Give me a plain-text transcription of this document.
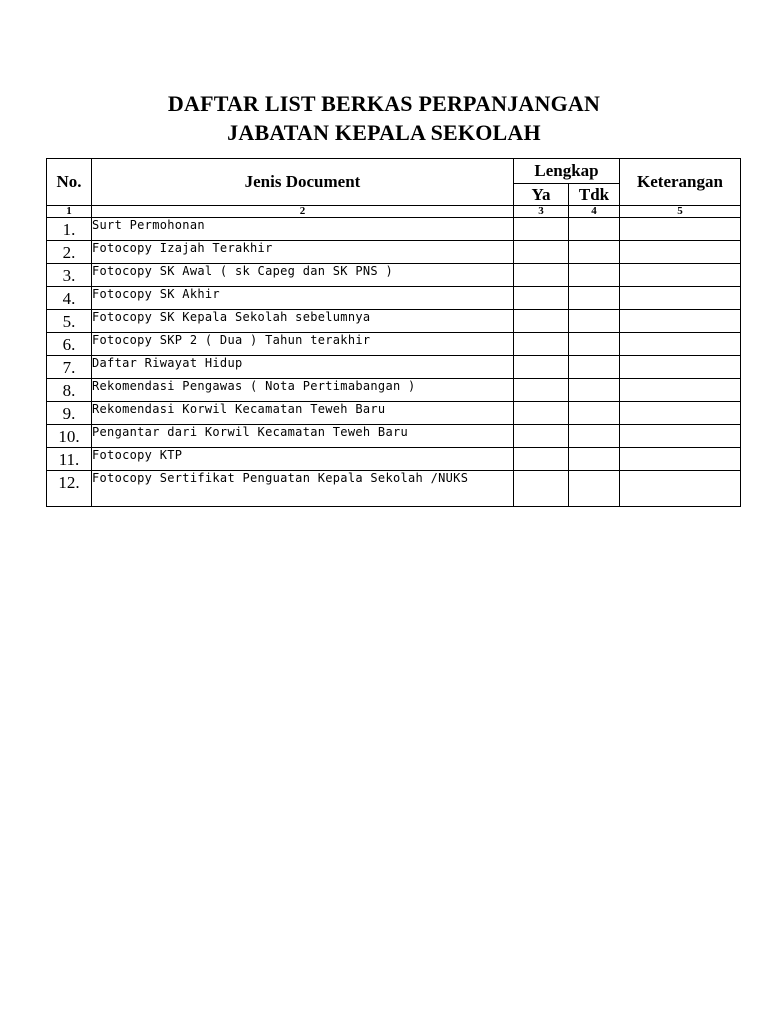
DAFTAR LIST BERKAS PERPANJANGAN
JABATAN KEPALA SEKOLAH
No.	Jenis Document	Lengkap		Keterangan
		Ya	Tdk	
1	2	3	4	5
1.	Surt Permohonan			
2.	Fotocopy Izajah Terakhir			
3.	Fotocopy SK Awal ( sk Capeg dan SK PNS )			
4.	Fotocopy SK Akhir			
5.	Fotocopy SK Kepala Sekolah sebelumnya			
6.	Fotocopy SKP 2 ( Dua ) Tahun terakhir			
7.	Daftar Riwayat Hidup			
8.	Rekomendasi Pengawas ( Nota Pertimabangan )			
9.	Rekomendasi Korwil Kecamatan Teweh Baru			
10.	Pengantar dari Korwil Kecamatan Teweh Baru			
11.	Fotocopy KTP			
12.	Fotocopy Sertifikat Penguatan Kepala Sekolah /NUKS			
